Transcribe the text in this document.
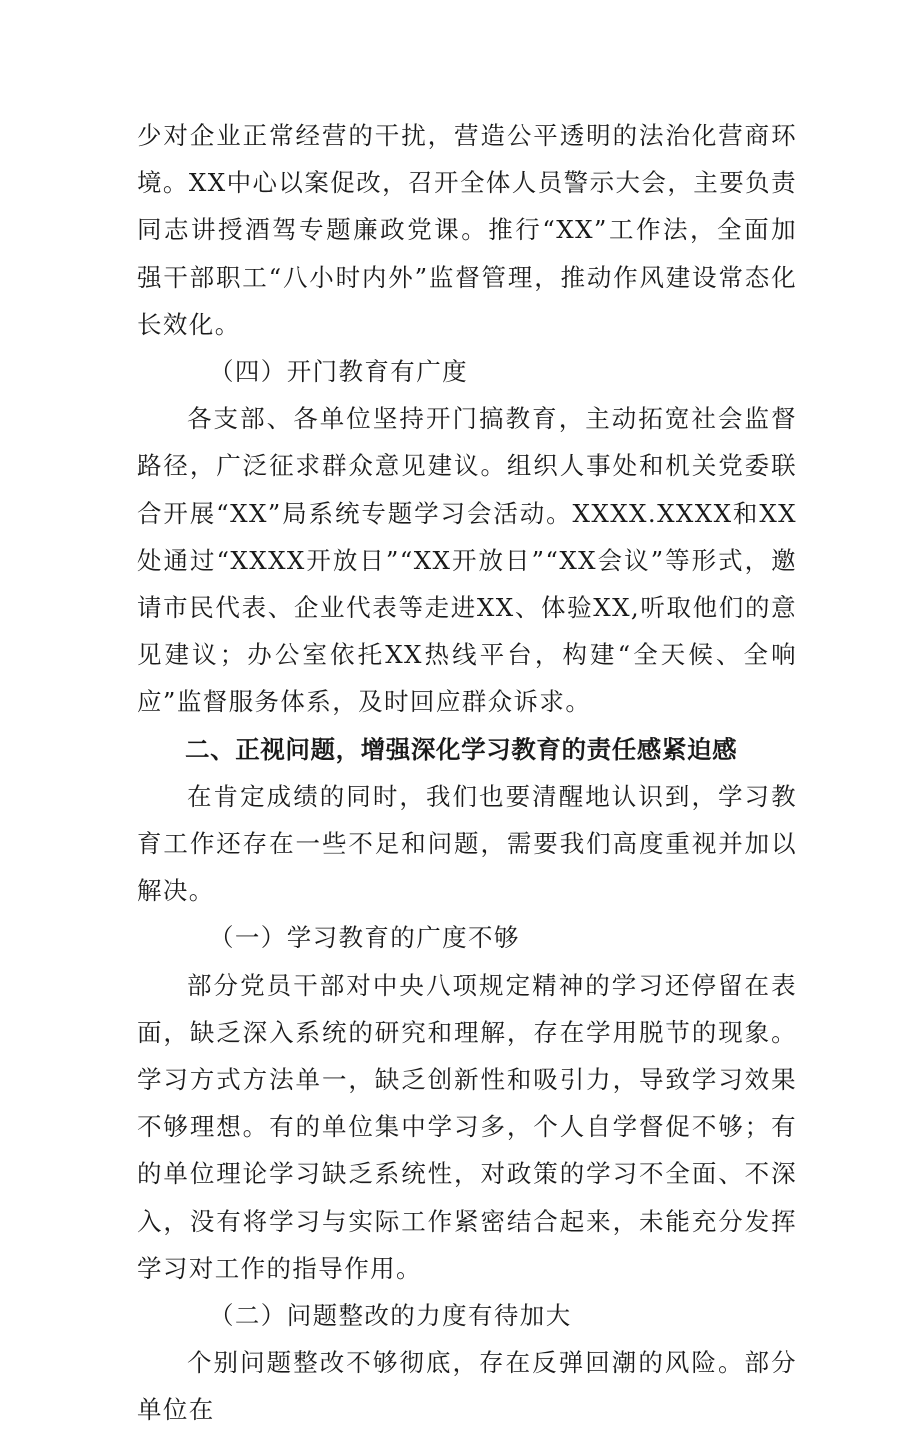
少对企业正常经营的干扰，营造公平透明的法治化营商环境。XX中心以案促改，召开全体人员警示大会，主要负责同志讲授酒驾专题廉政党课。推行“XX”工作法，全面加强干部职工“八小时内外”监督管理，推动作风建设常态化长效化。

（四）开门教育有广度

各支部、各单位坚持开门搞教育，主动拓宽社会监督路径，广泛征求群众意见建议。组织人事处和机关党委联合开展“XX”局系统专题学习会活动。XXXX.XXXX和XX处通过“XXXX开放日”“XX开放日”“XX会议”等形式，邀请市民代表、企业代表等走进XX、体验XX,听取他们的意见建议；办公室依托XX热线平台，构建“全天候、全响应”监督服务体系，及时回应群众诉求。

二、正视问题，增强深化学习教育的责任感紧迫感

在肯定成绩的同时，我们也要清醒地认识到，学习教育工作还存在一些不足和问题，需要我们高度重视并加以解决。

（一）学习教育的广度不够

部分党员干部对中央八项规定精神的学习还停留在表面，缺乏深入系统的研究和理解，存在学用脱节的现象。学习方式方法单一，缺乏创新性和吸引力，导致学习效果不够理想。有的单位集中学习多，个人自学督促不够；有的单位理论学习缺乏系统性，对政策的学习不全面、不深入，没有将学习与实际工作紧密结合起来，未能充分发挥学习对工作的指导作用。

（二）问题整改的力度有待加大

个别问题整改不够彻底，存在反弹回潮的风险。部分单位在
